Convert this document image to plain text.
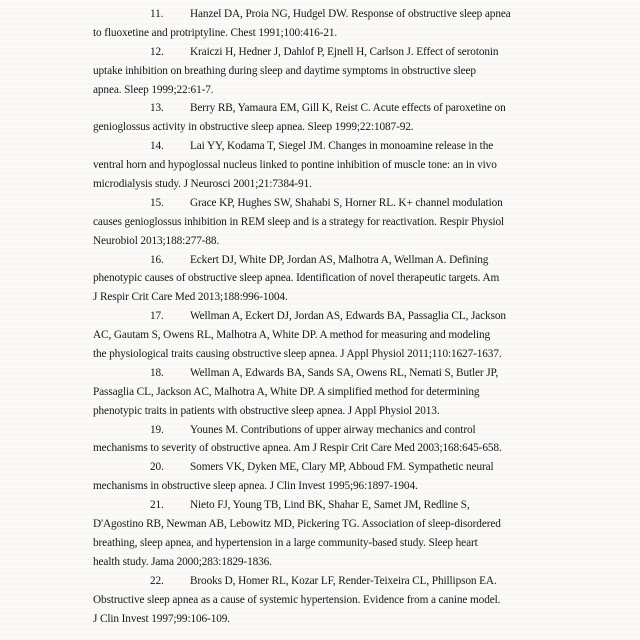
11. Hanzel DA, Proia NG, Hudgel DW. Response of obstructive sleep apnea
to fluoxetine and protriptyline. Chest 1991;100:416-21.
12. Kraiczi H, Hedner J, Dahlof P, Ejnell H, Carlson J. Effect of serotonin
uptake inhibition on breathing during sleep and daytime symptoms in obstructive sleep
apnea. Sleep 1999;22:61-7.
13. Berry RB, Yamaura EM, Gill K, Reist C. Acute effects of paroxetine on
genioglossus activity in obstructive sleep apnea. Sleep 1999;22:1087-92.
14. Lai YY, Kodama T, Siegel JM. Changes in monoamine release in the
ventral horn and hypoglossal nucleus linked to pontine inhibition of muscle tone: an in vivo
microdialysis study. J Neurosci 2001;21:7384-91.
15. Grace KP, Hughes SW, Shahabi S, Horner RL. K+ channel modulation
causes genioglossus inhibition in REM sleep and is a strategy for reactivation. Respir Physiol
Neurobiol 2013;188:277-88.
16. Eckert DJ, White DP, Jordan AS, Malhotra A, Wellman A. Defining
phenotypic causes of obstructive sleep apnea. Identification of novel therapeutic targets. Am
J Respir Crit Care Med 2013;188:996-1004.
17. Wellman A, Eckert DJ, Jordan AS, Edwards BA, Passaglia CL, Jackson
AC, Gautam S, Owens RL, Malhotra A, White DP. A method for measuring and modeling
the physiological traits causing obstructive sleep apnea. J Appl Physiol 2011;110:1627-1637.
18. Wellman A, Edwards BA, Sands SA, Owens RL, Nemati S, Butler JP,
Passaglia CL, Jackson AC, Malhotra A, White DP. A simplified method for determining
phenotypic traits in patients with obstructive sleep apnea. J Appl Physiol 2013.
19. Younes M. Contributions of upper airway mechanics and control
mechanisms to severity of obstructive apnea. Am J Respir Crit Care Med 2003;168:645-658.
20. Somers VK, Dyken ME, Clary MP, Abboud FM. Sympathetic neural
mechanisms in obstructive sleep apnea. J Clin Invest 1995;96:1897-1904.
21. Nieto FJ, Young TB, Lind BK, Shahar E, Samet JM, Redline S,
D'Agostino RB, Newman AB, Lebowitz MD, Pickering TG. Association of sleep-disordered
breathing, sleep apnea, and hypertension in a large community-based study. Sleep heart
health study. Jama 2000;283:1829-1836.
22. Brooks D, Homer RL, Kozar LF, Render-Teixeira CL, Phillipson EA.
Obstructive sleep apnea as a cause of systemic hypertension. Evidence from a canine model.
J Clin Invest 1997;99:106-109.
